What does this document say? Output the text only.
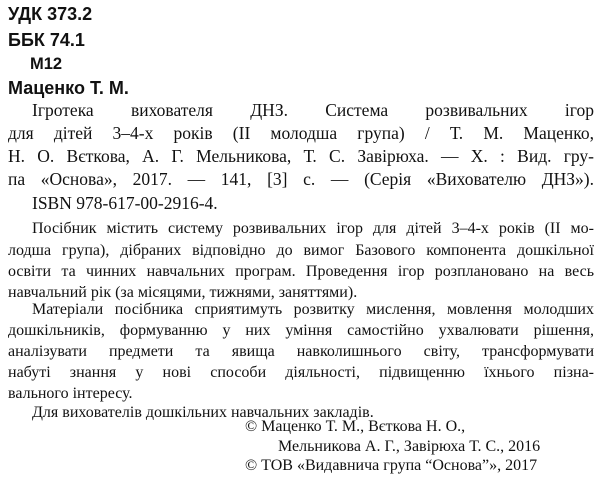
УДК 373.2
ББК 74.1
М12
Маценко Т. М.
Ігротека вихователя ДНЗ. Система розвивальних ігор
для дітей 3–4-х років (ІІ молодша група) / Т. М. Маценко,
Н. О. Вєткова, А. Г. Мельникова, Т. С. Завірюха. — Х. : Вид. гру-
па «Основа», 2017. — 141, [3] с. — (Серія «Вихователю ДНЗ»).
ISBN 978-617-00-2916-4.
Посібник містить систему розвивальних ігор для дітей 3–4-х років (ІІ мо-
лодша група), дібраних відповідно до вимог Базового компонента дошкільної
освіти та чинних навчальних програм. Проведення ігор розплановано на весь
навчальний рік (за місяцями, тижнями, заняттями).
Матеріали посібника сприятимуть розвитку мислення, мовлення молодших
дошкільників, формуванню у них уміння самостійно ухвалювати рішення,
аналізувати предмети та явища навколишнього світу, трансформувати
набуті знання у нові способи діяльності, підвищенню їхнього пізна-
вального інтересу.
Для вихователів дошкільних навчальних закладів.
© Маценко Т. М., Вєткова Н. О.,
Мельникова А. Г., Завірюха Т. С., 2016
© ТОВ «Видавнича група “Основа”», 2017
